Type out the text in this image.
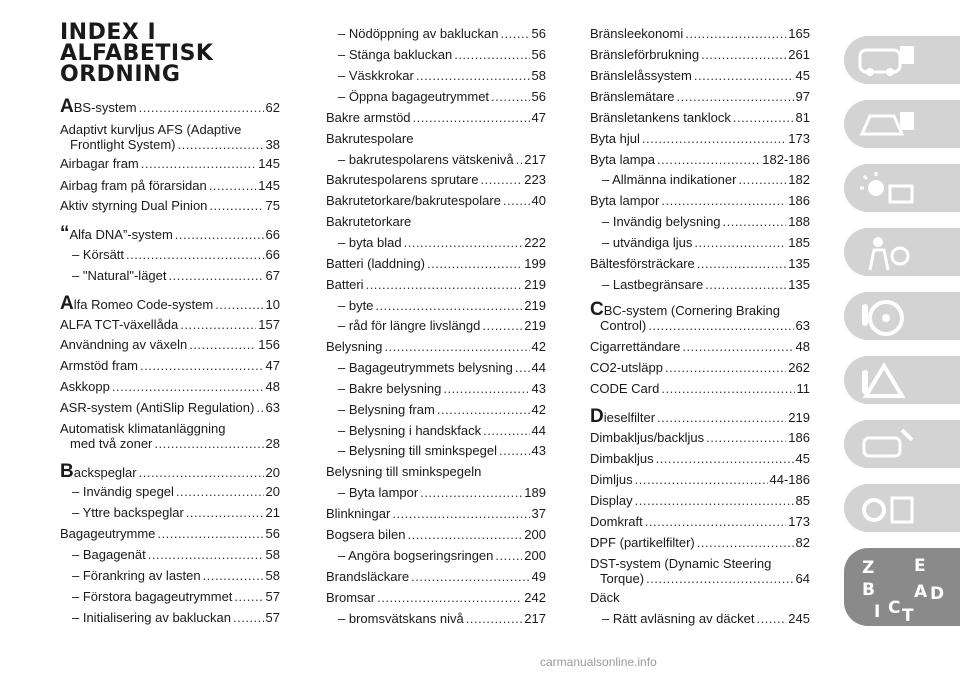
INDEX I
ALFABETISK
ORDNING
ABS-system .....	62
Adaptivt kurvljus AFS (Adaptive
Frontlight System) .....	38
Airbagar fram .....	145
Airbag fram på förarsidan .....	145
Aktiv styrning Dual Pinion .....	75
“Alfa DNA”-system .....	66
– Körsätt .....	66
– "Natural"-läget .....	67
Alfa Romeo Code-system .....	10
ALFA TCT-växellåda .....	157
Användning av växeln .....	156
Armstöd fram .....	47
Askkopp .....	48
ASR-system (AntiSlip Regulation) ..... 63
Automatisk klimatanläggning
med två zoner .....	28
Backspeglar .....	20
– Invändig spegel .....	20
– Yttre backspeglar .....	21
Bagageutrymme .....	56
– Bagagenät .....	58
– Förankring av lasten .....	58
– Förstora bagageutrymmet .....	57
– Initialisering av bakluckan .....	57
– Nödöppning av bakluckan .....	56
– Stänga bakluckan .....	56
– Väskkrokar .....	58
– Öppna bagageutrymmet .....	56
Bakre armstöd .....	47
Bakrutespolare
– bakrutespolarens vätskenivå ..... 217
Bakrutespolarens sprutare .....	223
Bakrutetorkare/bakrutespolare ..... 40
Bakrutetorkare
– byta blad .....	222
Batteri (laddning) .....	199
Batteri .....	219
– byte .....	219
– råd för längre livslängd .....	219
Belysning .....	42
– Bagageutrymmets belysning ..... 44
– Bakre belysning .....	43
– Belysning fram .....	42
– Belysning i handskfack .....	44
– Belysning till sminkspegel .....	43
Belysning till sminkspegeln
– Byta lampor .....	189
Blinkningar .....	37
Bogsera bilen .....	200
– Angöra bogseringsringen ..... 200
Brandsläckare .....	49
Bromsar .....	242
– bromsvätskans nivå .....	217
Bränsleekonomi .....	165
Bränsleförbrukning .....	261
Bränslelåssystem .....	45
Bränslemätare .....	97
Bränsletankens tanklock .....	81
Byta hjul .....	173
Byta lampa .....	182-186
– Allmänna indikationer .....	182
Byta lampor .....	186
– Invändig belysning .....	188
– utvändiga ljus .....	185
Bältesförsträckare .....	135
– Lastbegränsare .....	135
CBC-system (Cornering Braking
Control) .....	63
Cigarrettändare .....	48
CO2-utsläpp .....	262
CODE Card .....	11
Dieselfilter .....	219
Dimbakljus/backljus .....	186
Dimbakljus .....	45
Dimljus .....	44-186
Display .....	85
Domkraft .....	173
DPF (partikelfilter) .....	82
DST-system (Dynamic Steering
Torque) .....	64
Däck
– Rätt avläsning av däcket .....	245
Z E
B A
C
D
I T
carmanualsonline.info
